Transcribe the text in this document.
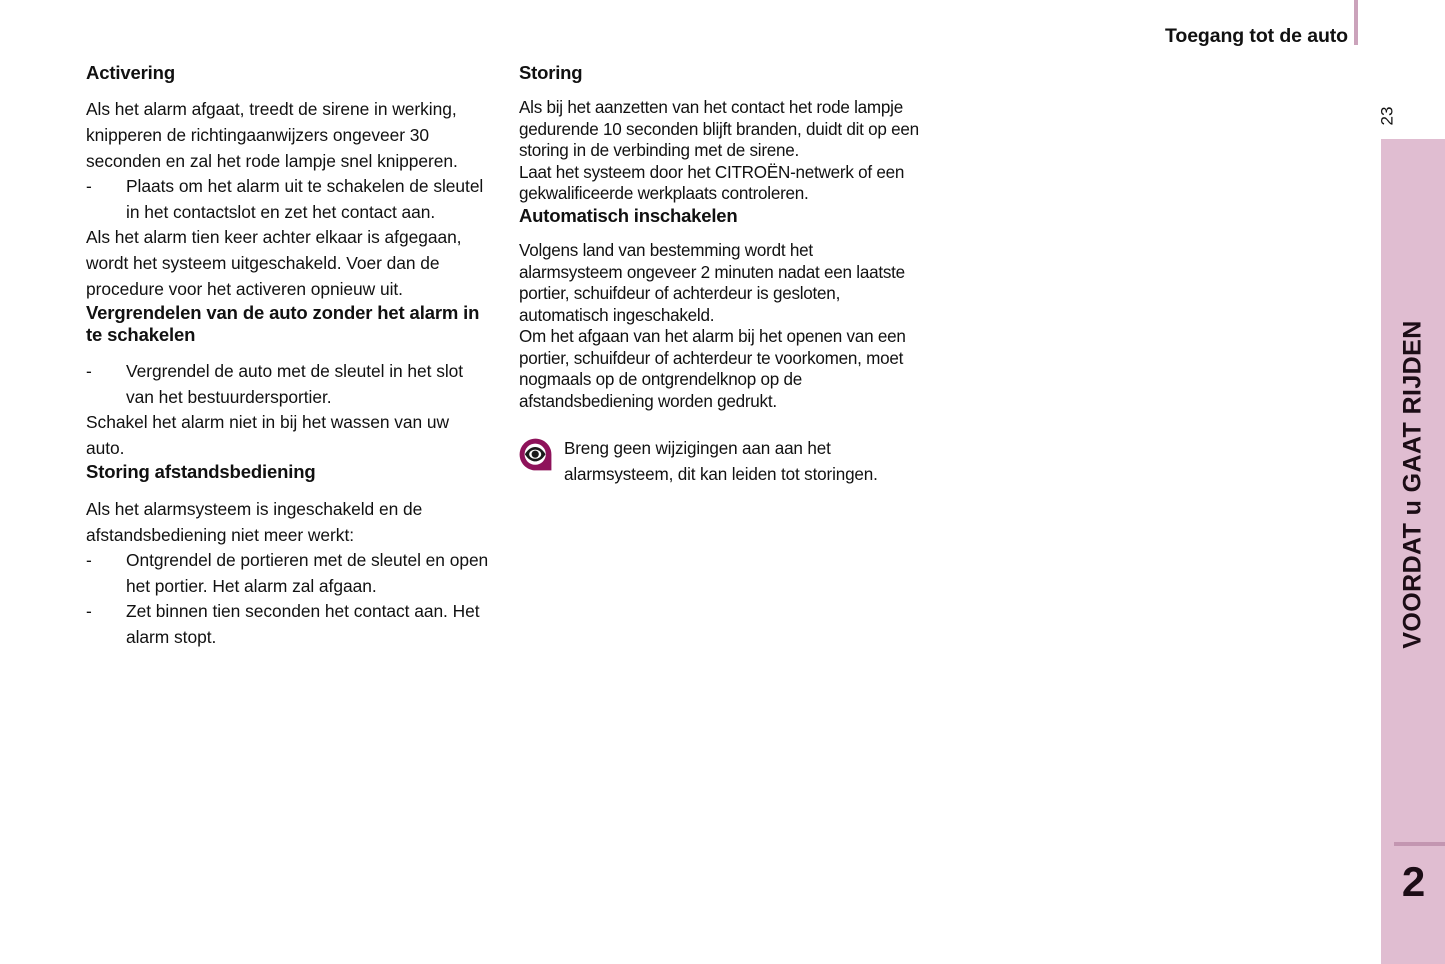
Toegang tot de auto
Activering

Als het alarm afgaat, treedt de sirene in werking, knipperen de richtingaanwijzers ongeveer 30 seconden en zal het rode lampje snel knipperen.

-	Plaats om het alarm uit te schakelen de sleutel in het contactslot en zet het contact aan.

Als het alarm tien keer achter elkaar is afgegaan, wordt het systeem uitgeschakeld. Voer dan de procedure voor het activeren opnieuw uit.

Vergrendelen van de auto zonder het alarm in te schakelen
-	Vergrendel de auto met de sleutel in het slot van het bestuurdersportier.

Schakel het alarm niet in bij het wassen van uw auto.

Storing afstandsbediening

Als het alarmsysteem is ingeschakeld en de afstandsbediening niet meer werkt:

-	Ontgrendel de portieren met de sleutel en open het portier. Het alarm zal afgaan.
-	Zet binnen tien seconden het contact aan. Het alarm stopt.
Storing

Als bij het aanzetten van het contact het rode lampje gedurende 10 seconden blijft branden, duidt dit op een storing in de verbinding met de sirene.

Laat het systeem door het CITROËN-netwerk of een gekwalificeerde werkplaats controleren.

Automatisch inschakelen

Volgens land van bestemming wordt het alarmsysteem ongeveer 2 minuten nadat een laatste portier, schuifdeur of achterdeur is gesloten, automatisch ingeschakeld.

Om het afgaan van het alarm bij het openen van een portier, schuifdeur of achterdeur te voorkomen, moet nogmaals op de ontgrendelknop op de afstandsbediening worden gedrukt.

Breng geen wijzigingen aan aan het alarmsysteem, dit kan leiden tot storingen.	VOORDAT u GAAT RIJDEN
2
23
